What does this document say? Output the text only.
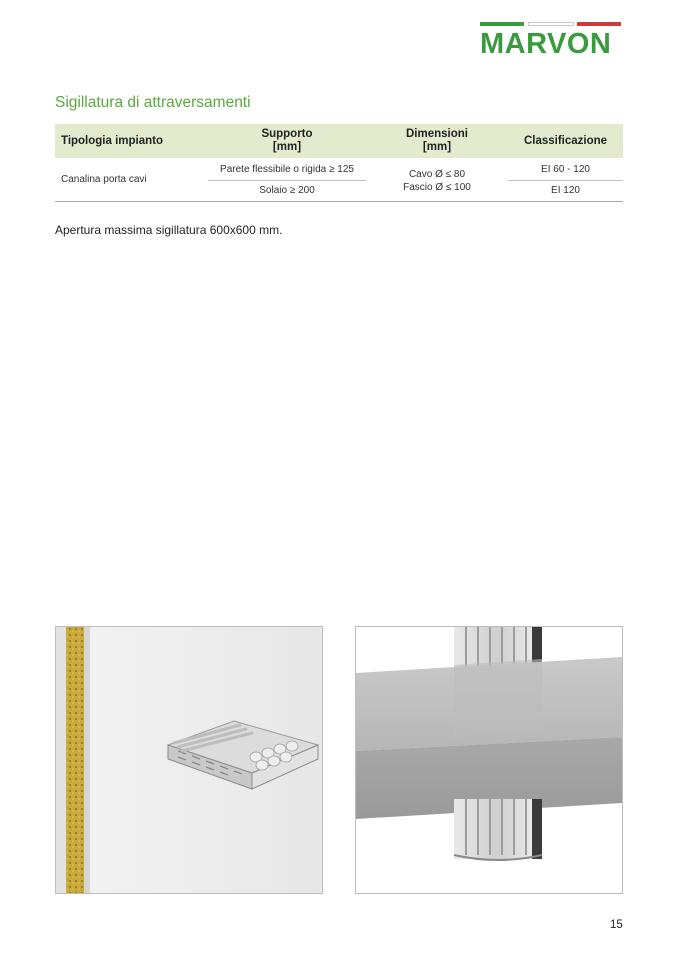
MARVON
Sigillatura di attraversamenti
Tipologia impianto
Supporto
[mm]
Dimensioni
[mm]
Classificazione
Canalina porta cavi
Parete flessibile o rigida ≥ 125
Solaio ≥ 200
Cavo Ø ≤ 80
Fascio Ø ≤ 100
EI 60 - 120
EI 120
Apertura massima sigillatura 600x600 mm.
15
